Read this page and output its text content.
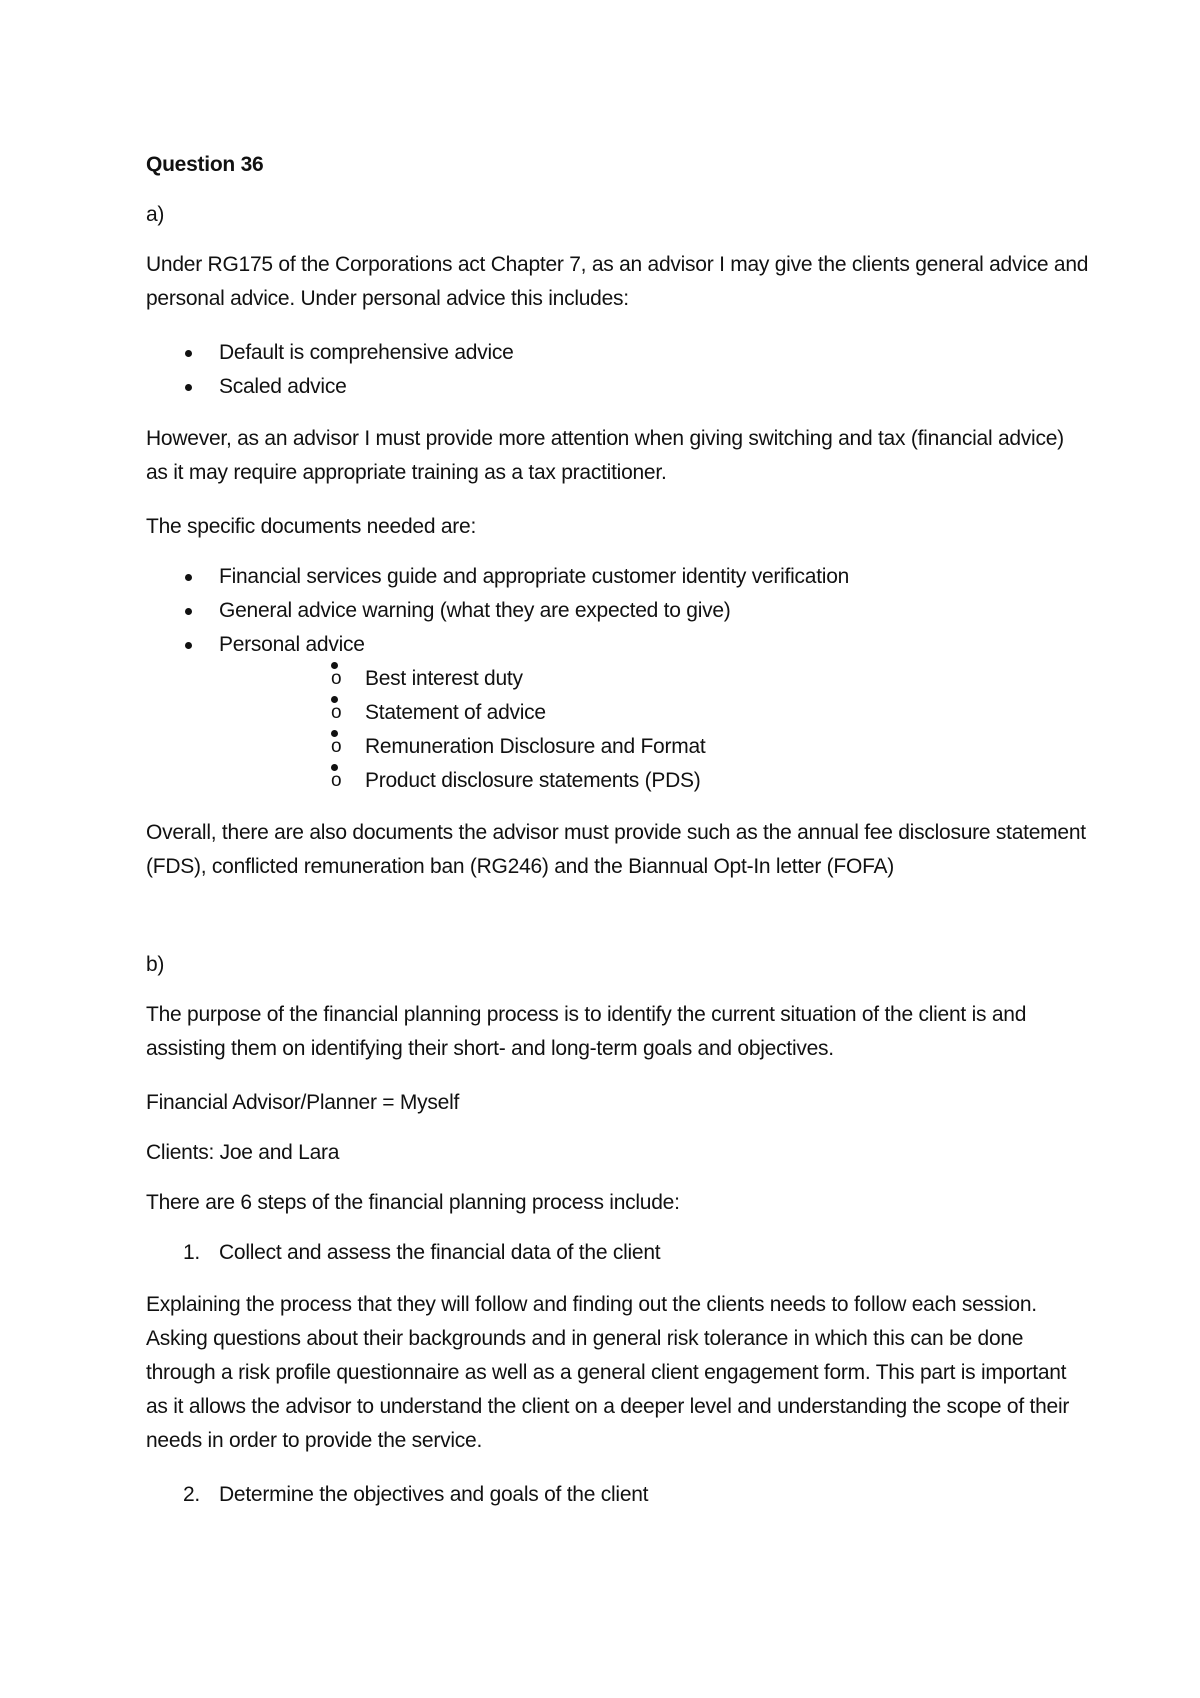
Question 36

a)

Under RG175 of the Corporations act Chapter 7, as an advisor I may give the clients general advice and personal advice. Under personal advice this includes:

Default is comprehensive advice
Scaled advice

However, as an advisor I must provide more attention when giving switching and tax (financial advice) as it may require appropriate training as a tax practitioner.

The specific documents needed are:

Financial services guide and appropriate customer identity verification
General advice warning (what they are expected to give)
Personal advice
o Best interest duty
o Statement of advice
o Remuneration Disclosure and Format
o Product disclosure statements (PDS)

Overall, there are also documents the advisor must provide such as the annual fee disclosure statement (FDS), conflicted remuneration ban (RG246) and the Biannual Opt-In letter (FOFA)

b)

The purpose of the financial planning process is to identify the current situation of the client is and assisting them on identifying their short- and long-term goals and objectives.

Financial Advisor/Planner = Myself

Clients: Joe and Lara

There are 6 steps of the financial planning process include:

1. Collect and assess the financial data of the client

Explaining the process that they will follow and finding out the clients needs to follow each session. Asking questions about their backgrounds and in general risk tolerance in which this can be done through a risk profile questionnaire as well as a general client engagement form. This part is important as it allows the advisor to understand the client on a deeper level and understanding the scope of their needs in order to provide the service.

2. Determine the objectives and goals of the client
